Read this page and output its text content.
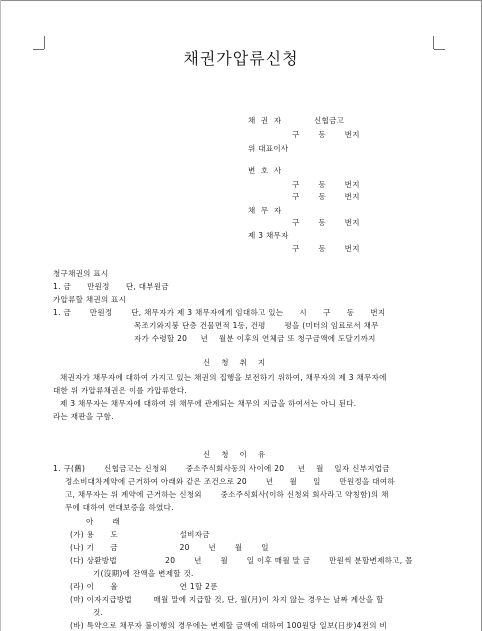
채권가압류신청
채  권  자	신협금고
구       동       번지
위 대표이사
변  호  사
구       동       번지
구       동       번지
채  무  자
구       동       번지
제 3 채무자
구       동       번지
청구채권의 표시
1. 금      만원정      단, 대부원금
가압류할 채권의 표시
1. 금       만원정       단, 채무자가 제 3 채무자에게 임대하고 있는      시      구      동      번지
목조기와지붕 단층 건물면적 1동, 건평       평을 (미터의 임료로서 채무
자가 수령할 20     년    월분 이후의 연체금 또 청구금액에 도달기까지
신    청    취    지
채권자가 채무자에 대하여 가지고 있는 채권의 집행을 보전하기 위하여, 채무자의 제 3 채무자에
대한 위 가압류채권은 이를 가압류한다.
제 3 채무자는 채무자에 대하여 위 채무에 관계되는 채무의 지급을 하여서는 아니 된다.
라는 재판을 구함.
신    청    이    유
1. 구(舊)       신협금고는 신청외       중소주식회사동의 사이에 20     년    월    일자 신부지업금
정소비대차계약에 근거하여 아래와 같은 조건으로 20       년      월      일       만원정을 대여하
고, 채무자는 위 계약에 근거하는 신청외       중소주식회사(이하 신청외 회사라고 약칭함)의 채
무에 대하여 연대보증을 하였다.
아       래
(가) 용      도                       설비자금
(나) 기      금                       20       년       월       일
(다) 상환방법                  20       년       월       일 이후 매월 말 금       만원씩 분할변제하고, 몰
기(沒期)에 잔액을 변제할 것.
(라) 이      율                       연 1할 2푼
(마) 이자지급방법        매월 말에 지급할 것, 단, 월(月)이 차지 않는 경우는 날짜 계산을 할
것.
(바) 특약으로 채무자 불이행의 경우에는 변제할 금액에 대하여 100원당 일보(日步)4전의 비
